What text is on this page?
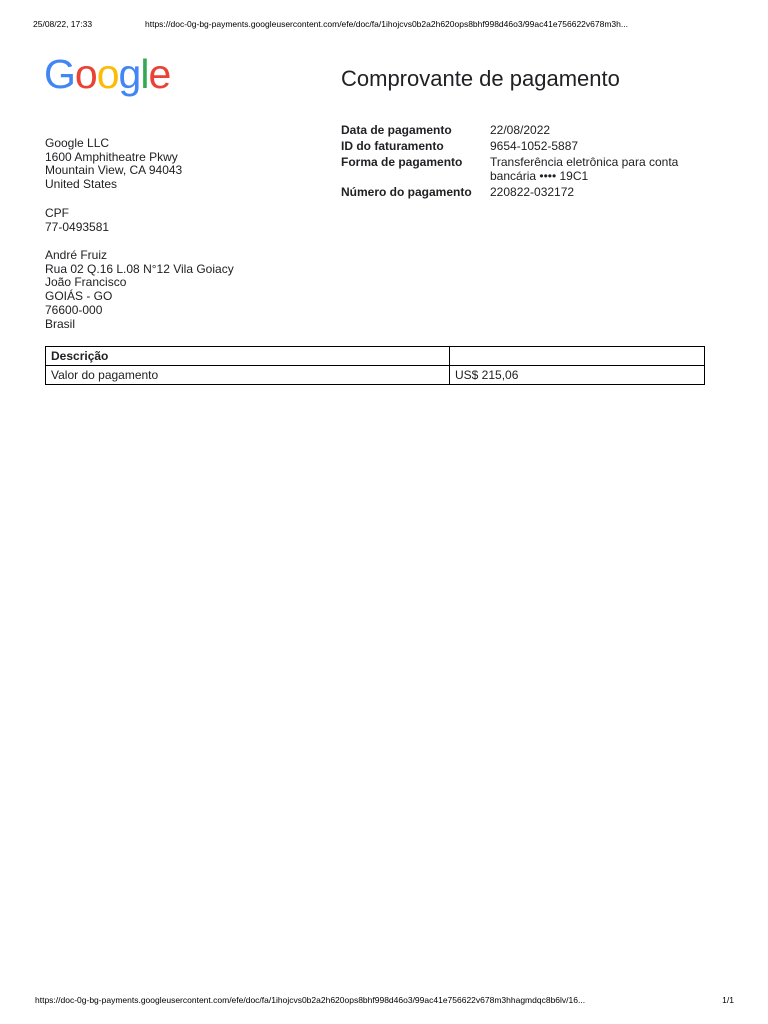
25/08/22, 17:33	https://doc-0g-bg-payments.googleusercontent.com/efe/doc/fa/1ihojcvs0b2a2h620ops8bhf998d46o3/99ac41e756622v678m3h...
Google	Comprovante de pagamento
Google LLC
1600 Amphitheatre Pkwy
Mountain View, CA 94043
United States
CPF
77-0493581
André Fruiz
Rua 02 Q.16 L.08 N°12 Vila Goiacy
João Francisco
GOIÁS - GO
76600-000
Brasil
Data de pagamento	22/08/2022
ID do faturamento	9654-1052-5887
Forma de pagamento	Transferência eletrônica para conta bancária •••• 19C1
Número do pagamento	220822-032172
Descrição	
Valor do pagamento	US$ 215,06
https://doc-0g-bg-payments.googleusercontent.com/efe/doc/fa/1ihojcvs0b2a2h620ops8bhf998d46o3/99ac41e756622v678m3hhagmdqc8b6lv/16...	1/1
